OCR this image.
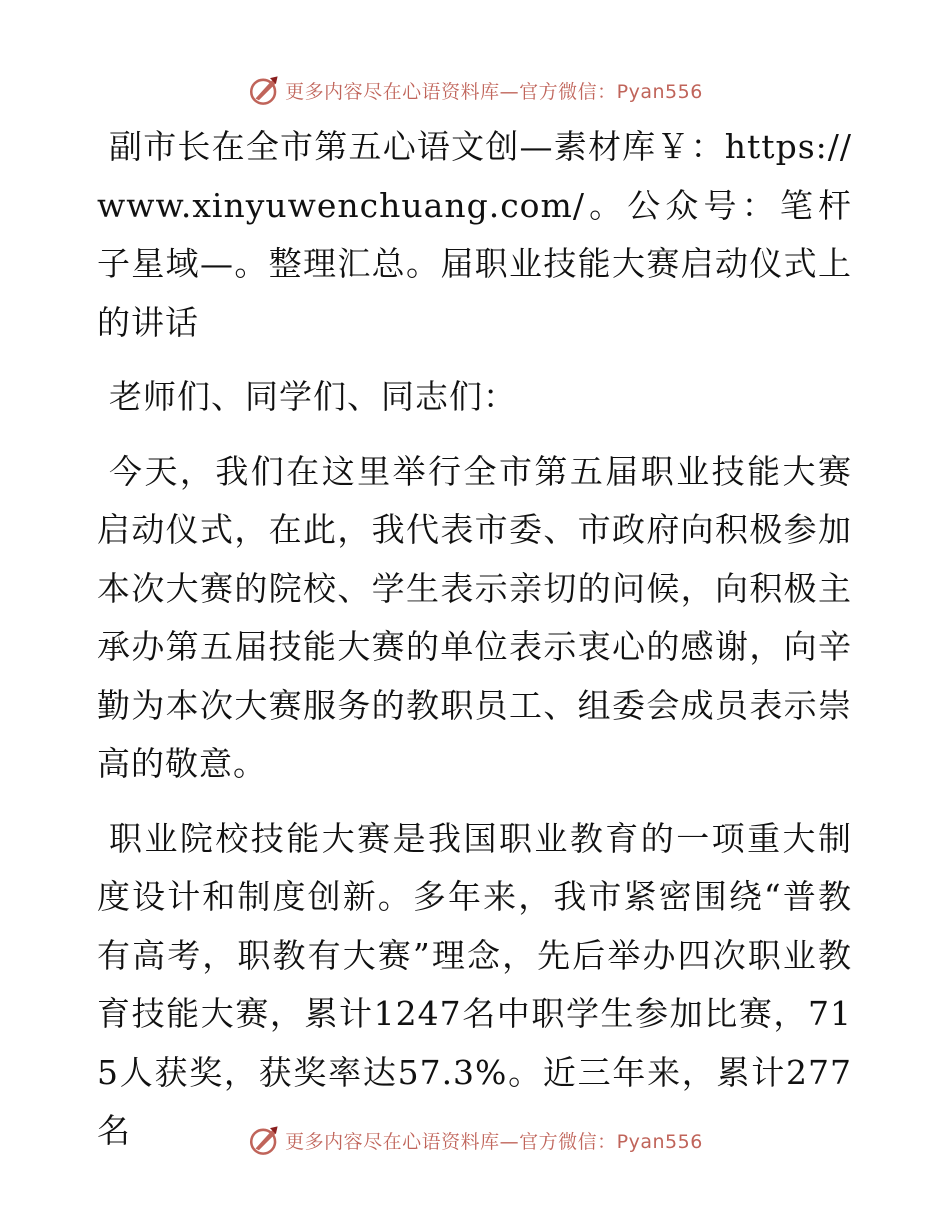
更多内容尽在心语资料库—官方微信：Pyan556

副市长在全市第五心语文创—素材库￥：https://www.xinyuwenchuang.com/。公众号：笔杆子星域—。整理汇总。届职业技能大赛启动仪式上的讲话

老师们、同学们、同志们：

今天，我们在这里举行全市第五届职业技能大赛启动仪式，在此，我代表市委、市政府向积极参加本次大赛的院校、学生表示亲切的问候，向积极主承办第五届技能大赛的单位表示衷心的感谢，向辛勤为本次大赛服务的教职员工、组委会成员表示崇高的敬意。

职业院校技能大赛是我国职业教育的一项重大制度设计和制度创新。多年来，我市紧密围绕“普教有高考，职教有大赛”理念，先后举办四次职业教育技能大赛，累计1247名中职学生参加比赛，715人获奖，获奖率达57.3%。近三年来，累计277名	更多内容尽在心语资料库—官方微信：Pyan556
